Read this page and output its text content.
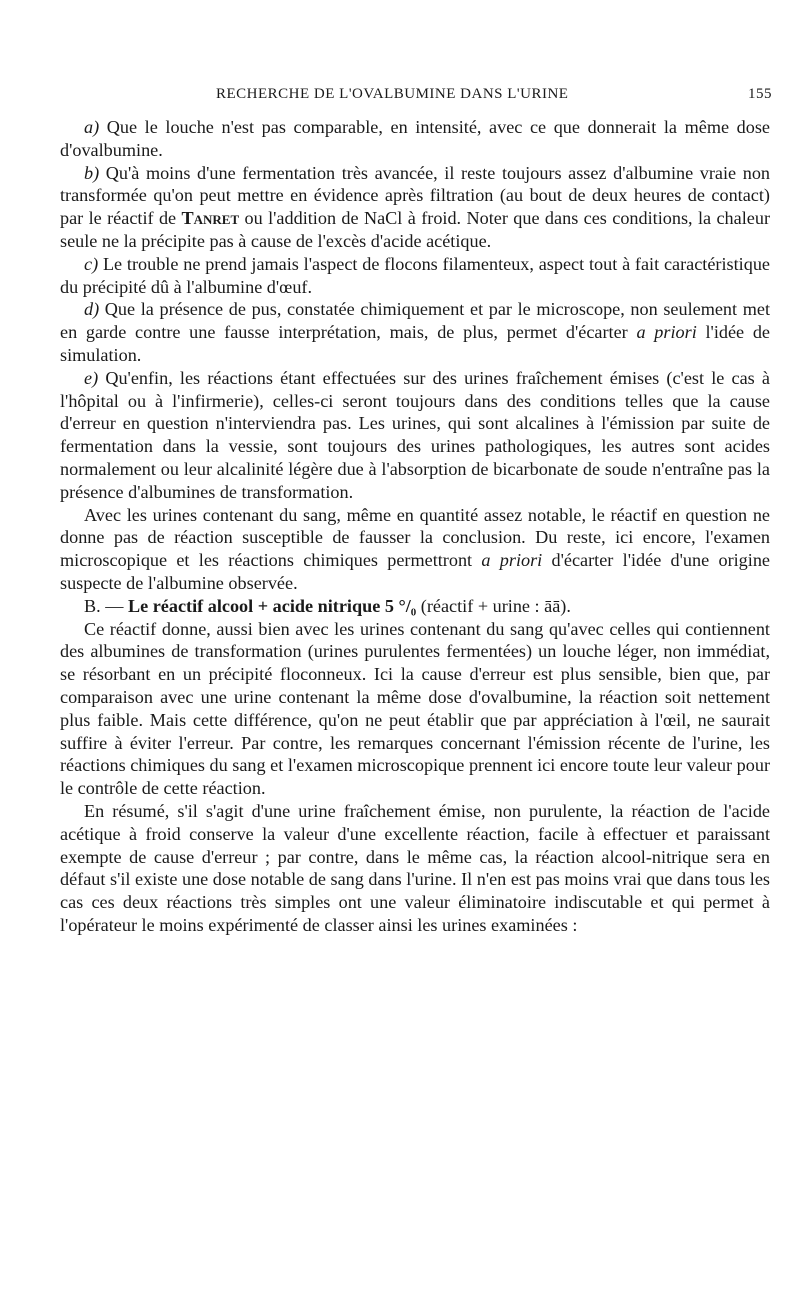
RECHERCHE DE L'OVALBUMINE DANS L'URINE	155

a) Que le louche n'est pas comparable, en intensité, avec ce que donnerait la même dose d'ovalbumine.

b) Qu'à moins d'une fermentation très avancée, il reste toujours assez d'albumine vraie non transformée qu'on peut mettre en évidence après filtration (au bout de deux heures de contact) par le réactif de Tanret ou l'addition de NaCl à froid. Noter que dans ces conditions, la chaleur seule ne la précipite pas à cause de l'excès d'acide acétique.

c) Le trouble ne prend jamais l'aspect de flocons filamenteux, aspect tout à fait caractéristique du précipité dû à l'albumine d'œuf.

d) Que la présence de pus, constatée chimiquement et par le microscope, non seulement met en garde contre une fausse interprétation, mais, de plus, permet d'écarter a priori l'idée de simulation.

e) Qu'enfin, les réactions étant effectuées sur des urines fraîchement émises (c'est le cas à l'hôpital ou à l'infirmerie), celles-ci seront toujours dans des conditions telles que la cause d'erreur en question n'interviendra pas. Les urines, qui sont alcalines à l'émission par suite de fermentation dans la vessie, sont toujours des urines pathologiques, les autres sont acides normalement ou leur alcalinité légère due à l'absorption de bicarbonate de soude n'entraîne pas la présence d'albumines de transformation.

Avec les urines contenant du sang, même en quantité assez notable, le réactif en question ne donne pas de réaction susceptible de fausser la conclusion. Du reste, ici encore, l'examen microscopique et les réactions chimiques permettront a priori d'écarter l'idée d'une origine suspecte de l'albumine observée.

B. — Le réactif alcool + acide nitrique 5 °/₀ (réactif + urine : āā).

Ce réactif donne, aussi bien avec les urines contenant du sang qu'avec celles qui contiennent des albumines de transformation (urines purulentes fermentées) un louche léger, non immédiat, se résorbant en un précipité floconneux. Ici la cause d'erreur est plus sensible, bien que, par comparaison avec une urine contenant la même dose d'ovalbumine, la réaction soit nettement plus faible. Mais cette différence, qu'on ne peut établir que par appréciation à l'œil, ne saurait suffire à éviter l'erreur. Par contre, les remarques concernant l'émission récente de l'urine, les réactions chimiques du sang et l'examen microscopique prennent ici encore toute leur valeur pour le contrôle de cette réaction.

En résumé, s'il s'agit d'une urine fraîchement émise, non purulente, la réaction de l'acide acétique à froid conserve la valeur d'une excellente réaction, facile à effectuer et paraissant exempte de cause d'erreur ; par contre, dans le même cas, la réaction alcool-nitrique sera en défaut s'il existe une dose notable de sang dans l'urine. Il n'en est pas moins vrai que dans tous les cas ces deux réactions très simples ont une valeur éliminatoire indiscutable et qui permet à l'opérateur le moins expérimenté de classer ainsi les urines examinées :
